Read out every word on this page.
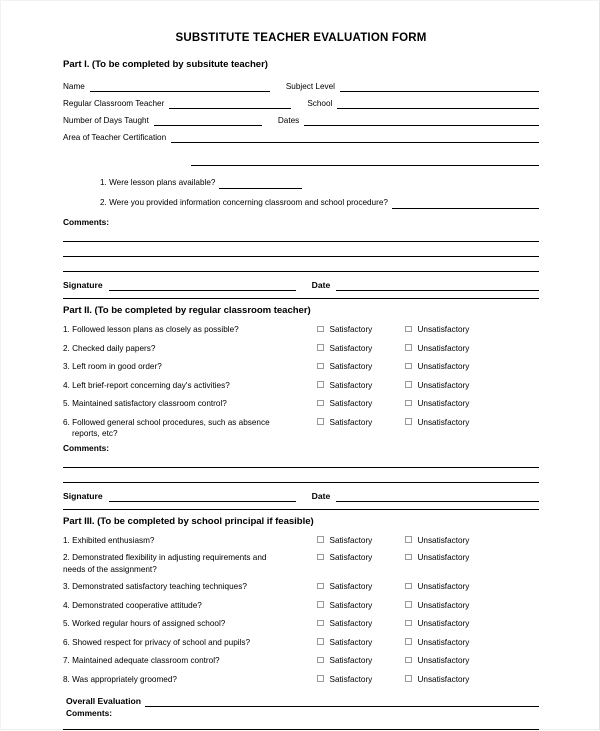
SUBSTITUTE TEACHER EVALUATION FORM
Part I. (To be completed by subsitute teacher)
Name	Subject Level
Regular Classroom Teacher	School
Number of Days Taught	Dates
Area of Teacher Certification
1. Were lesson plans available?
2. Were you provided information concerning classroom and school procedure?
Comments:
Signature	Date
Part II. (To be completed by regular classroom teacher)
1. Followed lesson plans as closely as possible?	Satisfactory	Unsatisfactory
2. Checked daily papers?	Satisfactory	Unsatisfactory
3. Left room in good order?	Satisfactory	Unsatisfactory
4. Left brief-report concerning day's activities?	Satisfactory	Unsatisfactory
5. Maintained satisfactory classroom control?	Satisfactory	Unsatisfactory
6. Followed general school procedures, such as absence
reports, etc?
Satisfactory	Unsatisfactory
Comments:
Signature	Date
Part III. (To be completed by school principal if feasible)
1. Exhibited enthusiasm?	Satisfactory	Unsatisfactory
2. Demonstrated flexibility in adjusting requirements and
needs of the assignment?
Satisfactory	Unsatisfactory
3. Demonstrated satisfactory teaching techniques?	Satisfactory	Unsatisfactory
4. Demonstrated cooperative attitude?	Satisfactory	Unsatisfactory
5. Worked regular hours of assigned school?	Satisfactory	Unsatisfactory
6. Showed respect for privacy of school and pupils?	Satisfactory	Unsatisfactory
7. Maintained adequate classroom control?	Satisfactory	Unsatisfactory
8. Was appropriately groomed?	Satisfactory	Unsatisfactory
Overall Evaluation
Comments:
